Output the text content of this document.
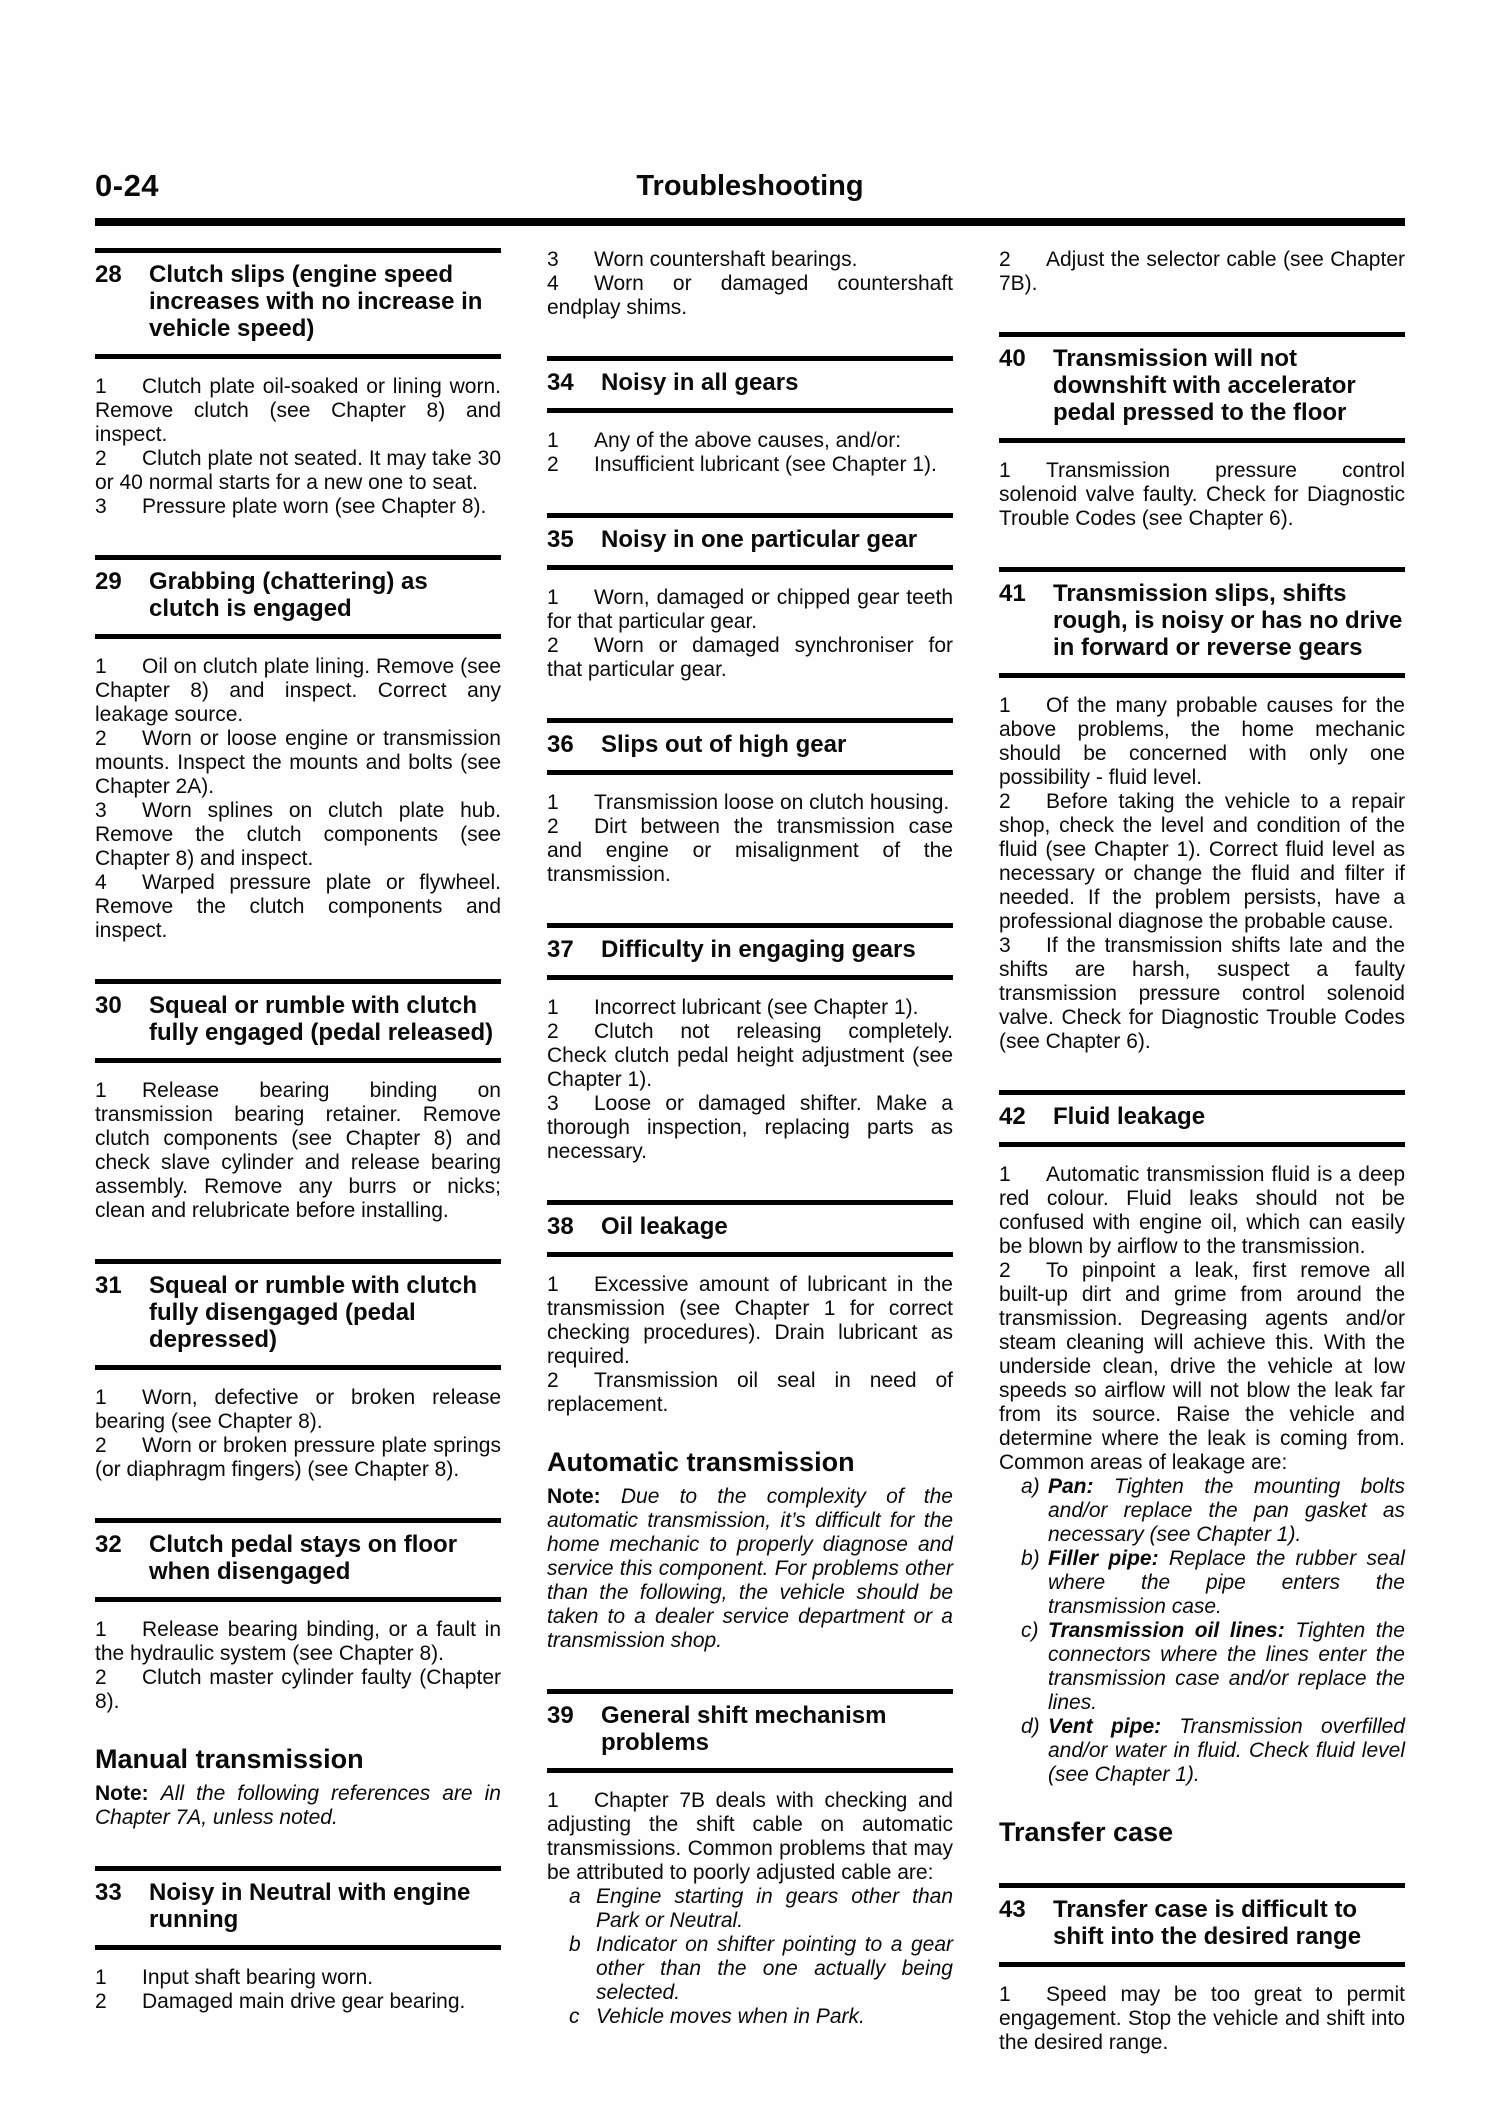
0-24	Troubleshooting
28	Clutch slips (engine speed increases with no increase in vehicle speed)

1 Clutch plate oil-soaked or lining worn. Remove clutch (see Chapter 8) and inspect.

2 Clutch plate not seated. It may take 30 or 40 normal starts for a new one to seat.

3 Pressure plate worn (see Chapter 8).

29	Grabbing (chattering) as clutch is engaged

1 Oil on clutch plate lining. Remove (see Chapter 8) and inspect. Correct any leakage source.

2 Worn or loose engine or transmission mounts. Inspect the mounts and bolts (see Chapter 2A).

3 Worn splines on clutch plate hub. Remove the clutch components (see Chapter 8) and inspect.

4 Warped pressure plate or flywheel. Remove the clutch components and inspect.

30	Squeal or rumble with clutch fully engaged (pedal released)

1 Release bearing binding on transmission bearing retainer. Remove clutch components (see Chapter 8) and check slave cylinder and release bearing assembly. Remove any burrs or nicks; clean and relubricate before installing.

31	Squeal or rumble with clutch fully disengaged (pedal depressed)

1 Worn, defective or broken release bearing (see Chapter 8).

2 Worn or broken pressure plate springs (or diaphragm fingers) (see Chapter 8).

32	Clutch pedal stays on floor when disengaged

1 Release bearing binding, or a fault in the hydraulic system (see Chapter 8).

2 Clutch master cylinder faulty (Chapter 8).

Manual transmission

Note: All the following references are in Chapter 7A, unless noted.

33	Noisy in Neutral with engine running

1 Input shaft bearing worn.

2 Damaged main drive gear bearing.

3 Worn countershaft bearings.

4 Worn or damaged countershaft endplay shims.

34	Noisy in all gears

1 Any of the above causes, and/or:

2 Insufficient lubricant (see Chapter 1).

35	Noisy in one particular gear

1 Worn, damaged or chipped gear teeth for that particular gear.

2 Worn or damaged synchroniser for that particular gear.

36	Slips out of high gear

1 Transmission loose on clutch housing.

2 Dirt between the transmission case and engine or misalignment of the transmission.

37	Difficulty in engaging gears

1 Incorrect lubricant (see Chapter 1).

2 Clutch not releasing completely. Check clutch pedal height adjustment (see Chapter 1).

3 Loose or damaged shifter. Make a thorough inspection, replacing parts as necessary.

38	Oil leakage

1 Excessive amount of lubricant in the transmission (see Chapter 1 for correct checking procedures). Drain lubricant as required.

2 Transmission oil seal in need of replacement.

Automatic transmission

Note: Due to the complexity of the automatic transmission, it’s difficult for the home mechanic to properly diagnose and service this component. For problems other than the following, the vehicle should be taken to a dealer service department or a transmission shop.

39	General shift mechanism problems

1 Chapter 7B deals with checking and adjusting the shift cable on automatic transmissions. Common problems that may be attributed to poorly adjusted cable are:

a Engine starting in gears other than Park or Neutral.
b Indicator on shifter pointing to a gear other than the one actually being selected.
c Vehicle moves when in Park.

2 Adjust the selector cable (see Chapter 7B).

40	Transmission will not downshift with accelerator pedal pressed to the floor

1 Transmission pressure control solenoid valve faulty. Check for Diagnostic Trouble Codes (see Chapter 6).

41	Transmission slips, shifts rough, is noisy or has no drive in forward or reverse gears

1 Of the many probable causes for the above problems, the home mechanic should be concerned with only one possibility - fluid level.

2 Before taking the vehicle to a repair shop, check the level and condition of the fluid (see Chapter 1). Correct fluid level as necessary or change the fluid and filter if needed. If the problem persists, have a professional diagnose the probable cause.

3 If the transmission shifts late and the shifts are harsh, suspect a faulty transmission pressure control solenoid valve. Check for Diagnostic Trouble Codes (see Chapter 6).

42	Fluid leakage

1 Automatic transmission fluid is a deep red colour. Fluid leaks should not be confused with engine oil, which can easily be blown by airflow to the transmission.

2 To pinpoint a leak, first remove all built-up dirt and grime from around the transmission. Degreasing agents and/or steam cleaning will achieve this. With the underside clean, drive the vehicle at low speeds so airflow will not blow the leak far from its source. Raise the vehicle and determine where the leak is coming from. Common areas of leakage are:

a) Pan: Tighten the mounting bolts and/or replace the pan gasket as necessary (see Chapter 1).
b) Filler pipe: Replace the rubber seal where the pipe enters the transmission case.
c) Transmission oil lines: Tighten the connectors where the lines enter the transmission case and/or replace the lines.
d) Vent pipe: Transmission overfilled and/or water in fluid. Check fluid level (see Chapter 1).
Transfer case
43	Transfer case is difficult to shift into the desired range

1 Speed may be too great to permit engagement. Stop the vehicle and shift into the desired range.
